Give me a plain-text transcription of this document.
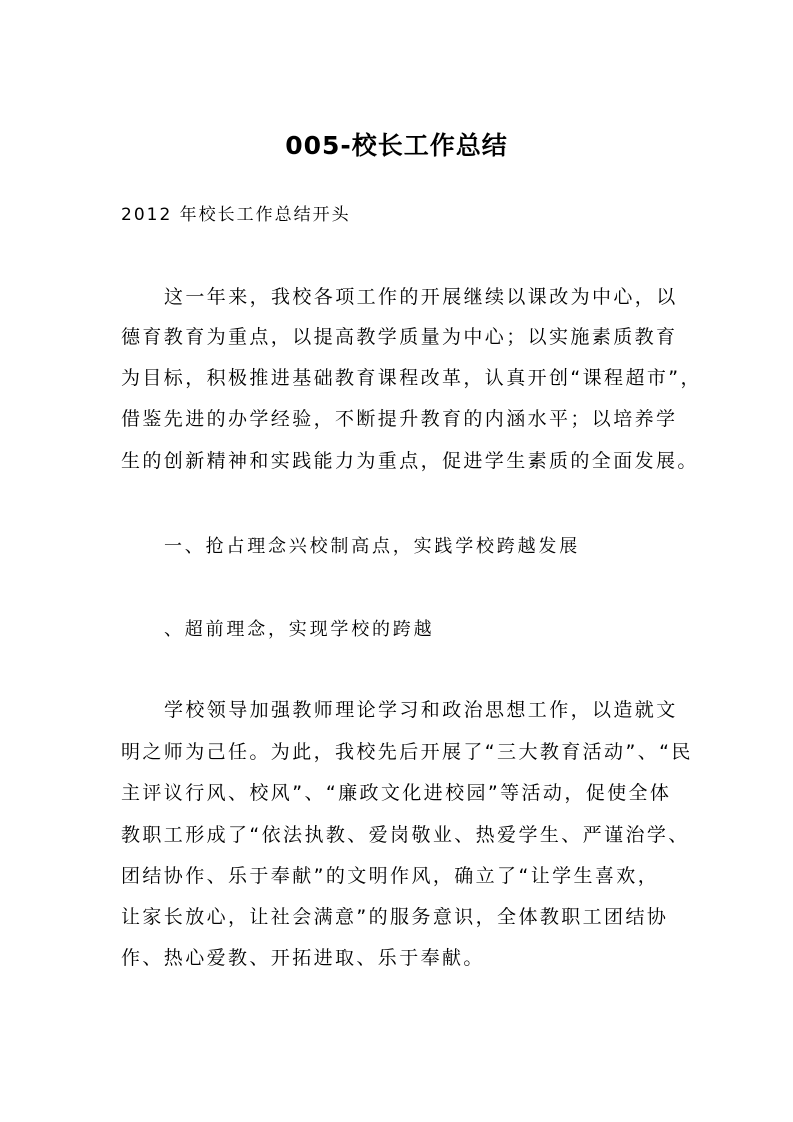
005-校长工作总结
2012 年校长工作总结开头
这一年来，我校各项工作的开展继续以课改为中心，以
德育教育为重点，以提高教学质量为中心；以实施素质教育
为目标，积极推进基础教育课程改革，认真开创“课程超市”，
借鉴先进的办学经验，不断提升教育的内涵水平；以培养学
生的创新精神和实践能力为重点，促进学生素质的全面发展。
一、抢占理念兴校制高点，实践学校跨越发展
、超前理念，实现学校的跨越
学校领导加强教师理论学习和政治思想工作，以造就文
明之师为己任。为此，我校先后开展了“三大教育活动”、“民
主评议行风、校风”、“廉政文化进校园”等活动，促使全体
教职工形成了“依法执教、爱岗敬业、热爱学生、严谨治学、
团结协作、乐于奉献”的文明作风，确立了“让学生喜欢，
让家长放心，让社会满意”的服务意识，全体教职工团结协
作、热心爱教、开拓进取、乐于奉献。
